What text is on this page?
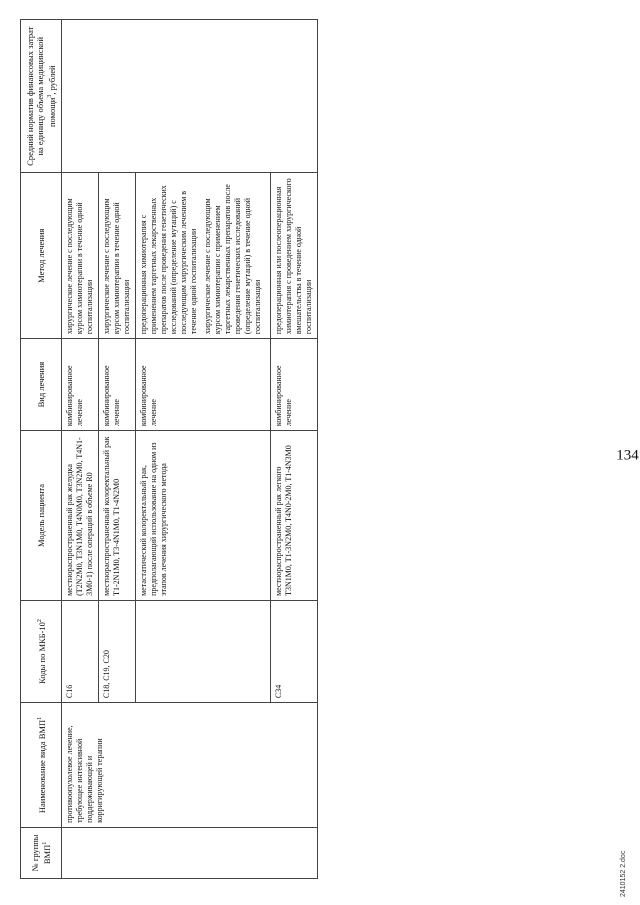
134
2410152 2.doc
№ группы ВМП$^1$	Наименование вида ВМП$^1$	Коды по МКБ-$10^2$	Модель пациента	Вид лечения	Метод лечения	Средний норматив финансовых затрат на единицу объема медицинской помощи$^3$, рублей
	противоопухолевое лечение, требующее интенсивной поддерживающей и корригирующей терапии	C16	местнораспространенный рак желудка (T2N2M0, T3N1M0, T4N0M0, T3N2M0, T4N1-3M0-1) после операций в объеме R0	комбинированное лечение	хирургическое лечение с последующим курсом химиотерапии в течение одной госпитализации	
		C18, C19, C20	местнораспространенный колоректальный рак T1-2N1M0, T3-4N1M0, T1-4N2M0	комбинированное лечение	хирургическое лечение с последующим курсом химиотерапии в течение одной госпитализации	
			метастатический колоректальный рак, предполагающий использование на одном из этапов лечения хирургического метода	комбинированное лечение	предоперационная химиотерапия с применением таргетных лекарственных препаратов после проведения генетических исследований (определение мутаций) с последующим хирургическим лечением в течение одной госпитализации хирургическое лечение с последующим курсом химиотерапии с применением таргетных лекарственных препаратов после проведения генетических исследований (определение мутаций) в течение одной госпитализации	

		C34	местнораспространенный рак легкого T3N1M0, T1-3N2M0, T4N0-2M0, T1-4N3M0	комбинированное лечение	предоперационная или послеоперационная химиотерапия с проведением хирургического вмешательства в течение одной госпитализации	
